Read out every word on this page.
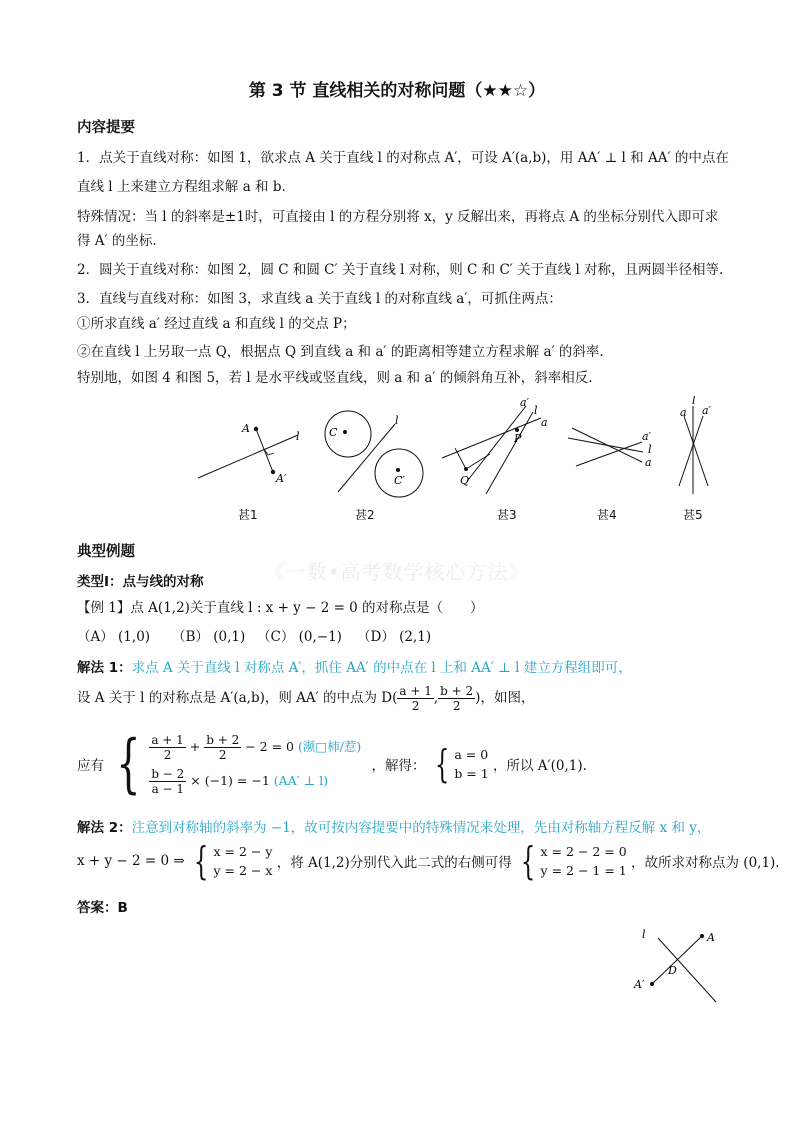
第 3 节 直线相关的对称问题（★★☆）
内容提要
1．点关于直线对称：如图 1，欲求点 A 关于直线 l 的对称点 A′，可设 A′(a,b)，用 AA′ ⊥ l 和 AA′ 的中点在
直线 l 上来建立方程组求解 a 和 b.
特殊情况：当 l 的斜率是±1时，可直接由 l 的方程分别将 x，y 反解出来，再将点 A 的坐标分别代入即可求
得 A′ 的坐标.
2．圆关于直线对称：如图 2，圆 C 和圆 C′ 关于直线 l 对称，则 C 和 C′ 关于直线 l 对称，且两圆半径相等.
3．直线与直线对称：如图 3，求直线 a 关于直线 l 的对称直线 a′，可抓住两点：
①所求直线 a′ 经过直线 a 和直线 l 的交点 P；
②在直线 l 上另取一点 Q，根据点 Q 到直线 a 和 a′ 的距离相等建立方程求解 a′ 的斜率.
特别地，如图 4 和图 5，若 l 是水平线或竖直线，则 a 和 a′ 的倾斜角互补，斜率相反.
A
A′
l	C
C′
l
a′
l
a
P
Q
a′
l
a
l
a a′
甚1	甚2	甚3	甚4	甚5
典型例题
《一数•高考数学核心方法》
类型Ⅰ：点与线的对称
【例 1】点 A(1,2)关于直线 l : x + y − 2 = 0 的对称点是（　　）
（A） (1,0) （B） (0,1) （C） (0,−1) （D） (2,1)
解法 1：求点 A 关于直线 l 对称点 A′，抓住 AA′ 的中点在 l 上和 AA′ ⊥ l 建立方程组即可，
设 A 关于 l 的对称点是 A′(a,b)，则 AA′ 的中点为 $D( \frac{a + 1}{2}$ , $\frac{b + 2}{2}$ )，如图，
应有 { $\frac{a + 1}{2} + \frac{b + 2}{2} - 2 = 0$ (濒□柿/惹)
$\frac{b - 2}{a - 1} \times (-1) = -1$ (AA′ ⊥ l)
，解得： { a = 0
b = 1 ，所以 A′(0,1).
解法 2：注意到对称轴的斜率为 −1，故可按内容提要中的特殊情况来处理，先由对称轴方程反解 x 和 y，
x + y − 2 = 0 ⇒ { x = 2 − y
y = 2 − x ，将 A(1,2)分别代入此二式的右侧可得 { x = 2 − 2 = 0
y = 2 − 1 = 1 ，故所求对称点为 (0,1).
答案：B
l	A
D
A′
